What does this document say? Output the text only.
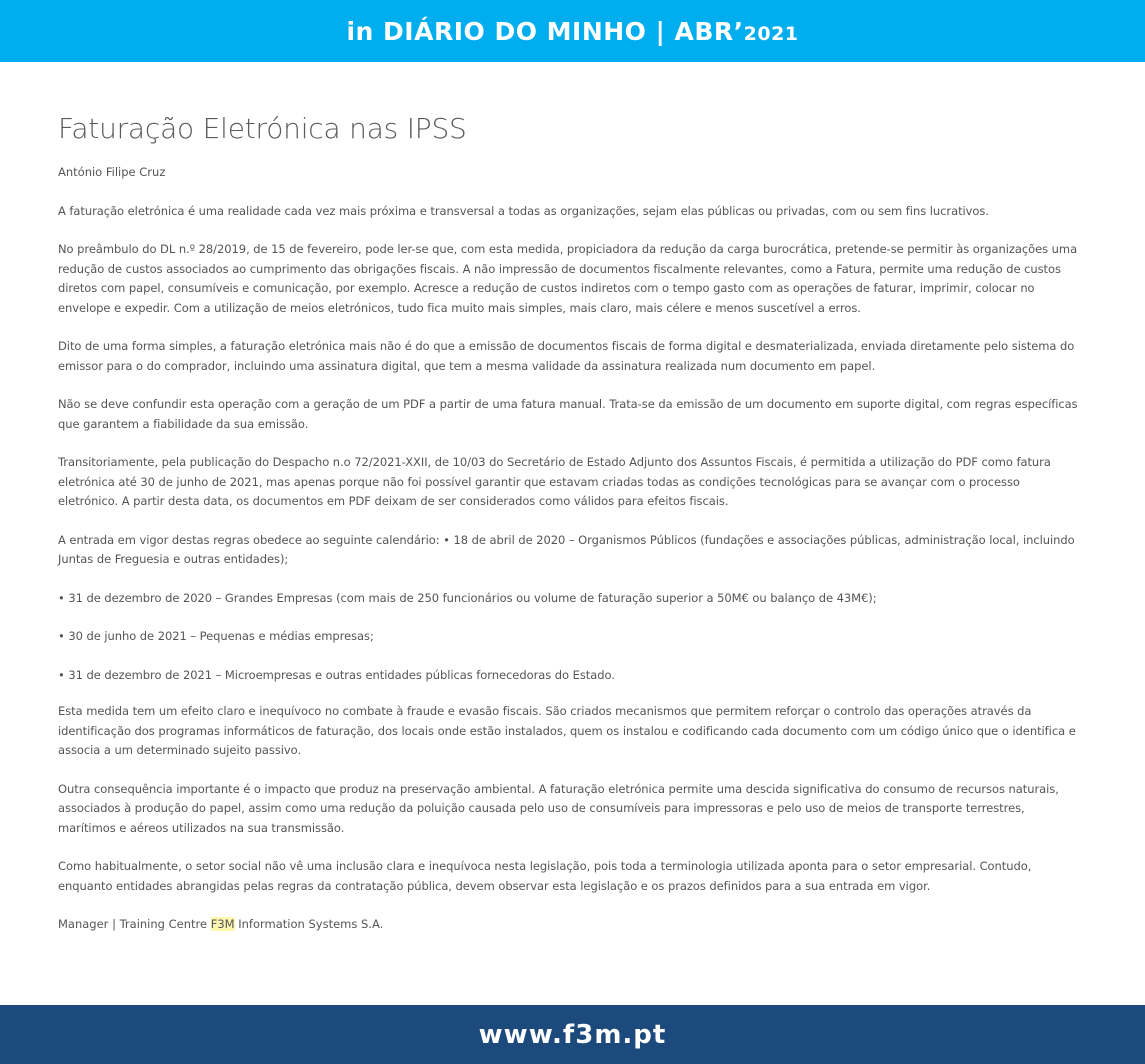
in DIÁRIO DO MINHO | ABR’2021
Faturação Eletrónica nas IPSS

António Filipe Cruz

A faturação eletrónica é uma realidade cada vez mais próxima e transversal a todas as organizações, sejam elas públicas ou privadas, com ou sem fins lucrativos.

No preâmbulo do DL n.º 28/2019, de 15 de fevereiro, pode ler-se que, com esta medida, propiciadora da redução da carga burocrática, pretende-se permitir às organizações uma redução de custos associados ao cumprimento das obrigações fiscais. A não impressão de documentos fiscalmente relevantes, como a Fatura, permite uma redução de custos diretos com papel, consumíveis e comunicação, por exemplo. Acresce a redução de custos indiretos com o tempo gasto com as operações de faturar, imprimir, colocar no envelope e expedir. Com a utilização de meios eletrónicos, tudo fica muito mais simples, mais claro, mais célere e menos suscetível a erros.

Dito de uma forma simples, a faturação eletrónica mais não é do que a emissão de documentos fiscais de forma digital e desmaterializada, enviada diretamente pelo sistema do emissor para o do comprador, incluindo uma assinatura digital, que tem a mesma validade da assinatura realizada num documento em papel.

Não se deve confundir esta operação com a geração de um PDF a partir de uma fatura manual. Trata-se da emissão de um documento em suporte digital, com regras específicas que garantem a fiabilidade da sua emissão.

Transitoriamente, pela publicação do Despacho n.o 72/2021-XXII, de 10/03 do Secretário de Estado Adjunto dos Assuntos Fiscais, é permitida a utilização do PDF como fatura eletrónica até 30 de junho de 2021, mas apenas porque não foi possível garantir que estavam criadas todas as condições tecnológicas para se avançar com o processo eletrónico. A partir desta data, os documentos em PDF deixam de ser considerados como válidos para efeitos fiscais.

A entrada em vigor destas regras obedece ao seguinte calendário: • 18 de abril de 2020 – Organismos Públicos (fundações e associações públicas, administração local, incluindo Juntas de Freguesia e outras entidades);

• 31 de dezembro de 2020 – Grandes Empresas (com mais de 250 funcionários ou volume de faturação superior a 50M€ ou balanço de 43M€);

• 30 de junho de 2021 – Pequenas e médias empresas;

• 31 de dezembro de 2021 – Microempresas e outras entidades públicas fornecedoras do Estado.

Esta medida tem um efeito claro e inequívoco no combate à fraude e evasão fiscais. São criados mecanismos que permitem reforçar o controlo das operações através da identificação dos programas informáticos de faturação, dos locais onde estão instalados, quem os instalou e codificando cada documento com um código único que o identifica e associa a um determinado sujeito passivo.

Outra consequência importante é o impacto que produz na preservação ambiental. A faturação eletrónica permite uma descida significativa do consumo de recursos naturais, associados à produção do papel, assim como uma redução da poluição causada pelo uso de consumíveis para impressoras e pelo uso de meios de transporte terrestres, marítimos e aéreos utilizados na sua transmissão.

Como habitualmente, o setor social não vê uma inclusão clara e inequívoca nesta legislação, pois toda a terminologia utilizada aponta para o setor empresarial. Contudo, enquanto entidades abrangidas pelas regras da contratação pública, devem observar esta legislação e os prazos definidos para a sua entrada em vigor.

Manager | Training Centre F3M Information Systems S.A.

www.f3m.pt
